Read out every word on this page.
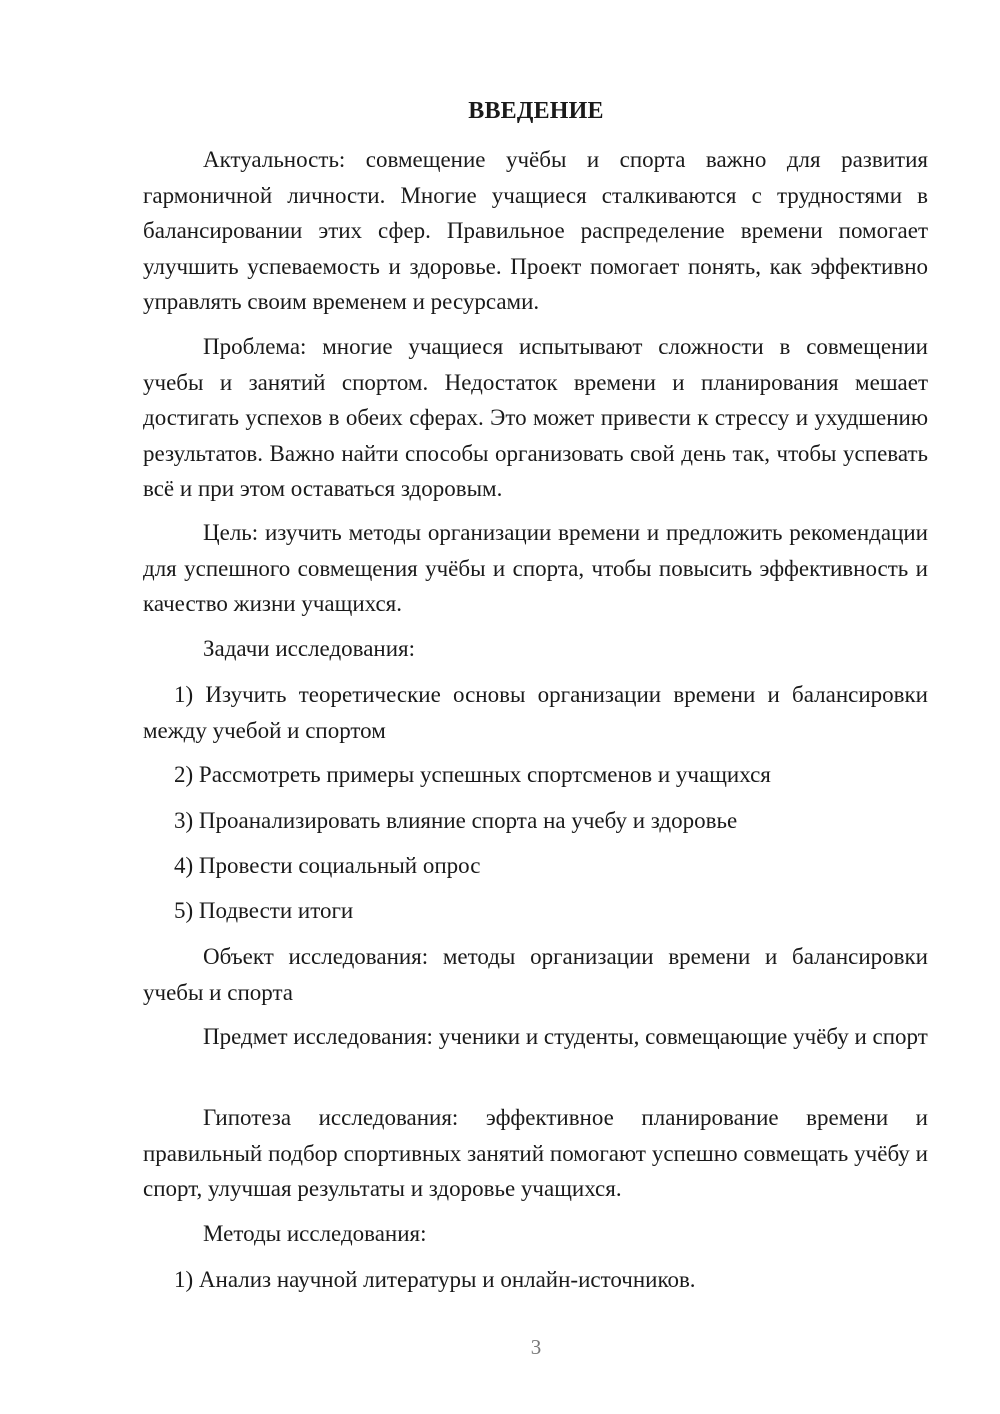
ВВЕДЕНИЕ

Актуальность: совмещение учёбы и спорта важно для развития гармоничной личности. Многие учащиеся сталкиваются с трудностями в балансировании этих сфер. Правильное распределение времени помогает улучшить успеваемость и здоровье. Проект помогает понять, как эффективно управлять своим временем и ресурсами.

Проблема: многие учащиеся испытывают сложности в совмещении учебы и занятий спортом. Недостаток времени и планирования мешает достигать успехов в обеих сферах. Это может привести к стрессу и ухудшению результатов. Важно найти способы организовать свой день так, чтобы успевать всё и при этом оставаться здоровым.

Цель: изучить методы организации времени и предложить рекомендации для успешного совмещения учёбы и спорта, чтобы повысить эффективность и качество жизни учащихся.

Задачи исследования:

1) Изучить теоретические основы организации времени и балансировки между учебой и спортом

2) Рассмотреть примеры успешных спортсменов и учащихся

3) Проанализировать влияние спорта на учебу и здоровье

4) Провести социальный опрос

5) Подвести итоги

Объект исследования: методы организации времени и балансировки учебы и спорта

Предмет исследования: ученики и студенты, совмещающие учёбу и спорт

Гипотеза исследования: эффективное планирование времени и правильный подбор спортивных занятий помогают успешно совмещать учёбу и спорт, улучшая результаты и здоровье учащихся.

Методы исследования:

1) Анализ научной литературы и онлайн-источников.

3
